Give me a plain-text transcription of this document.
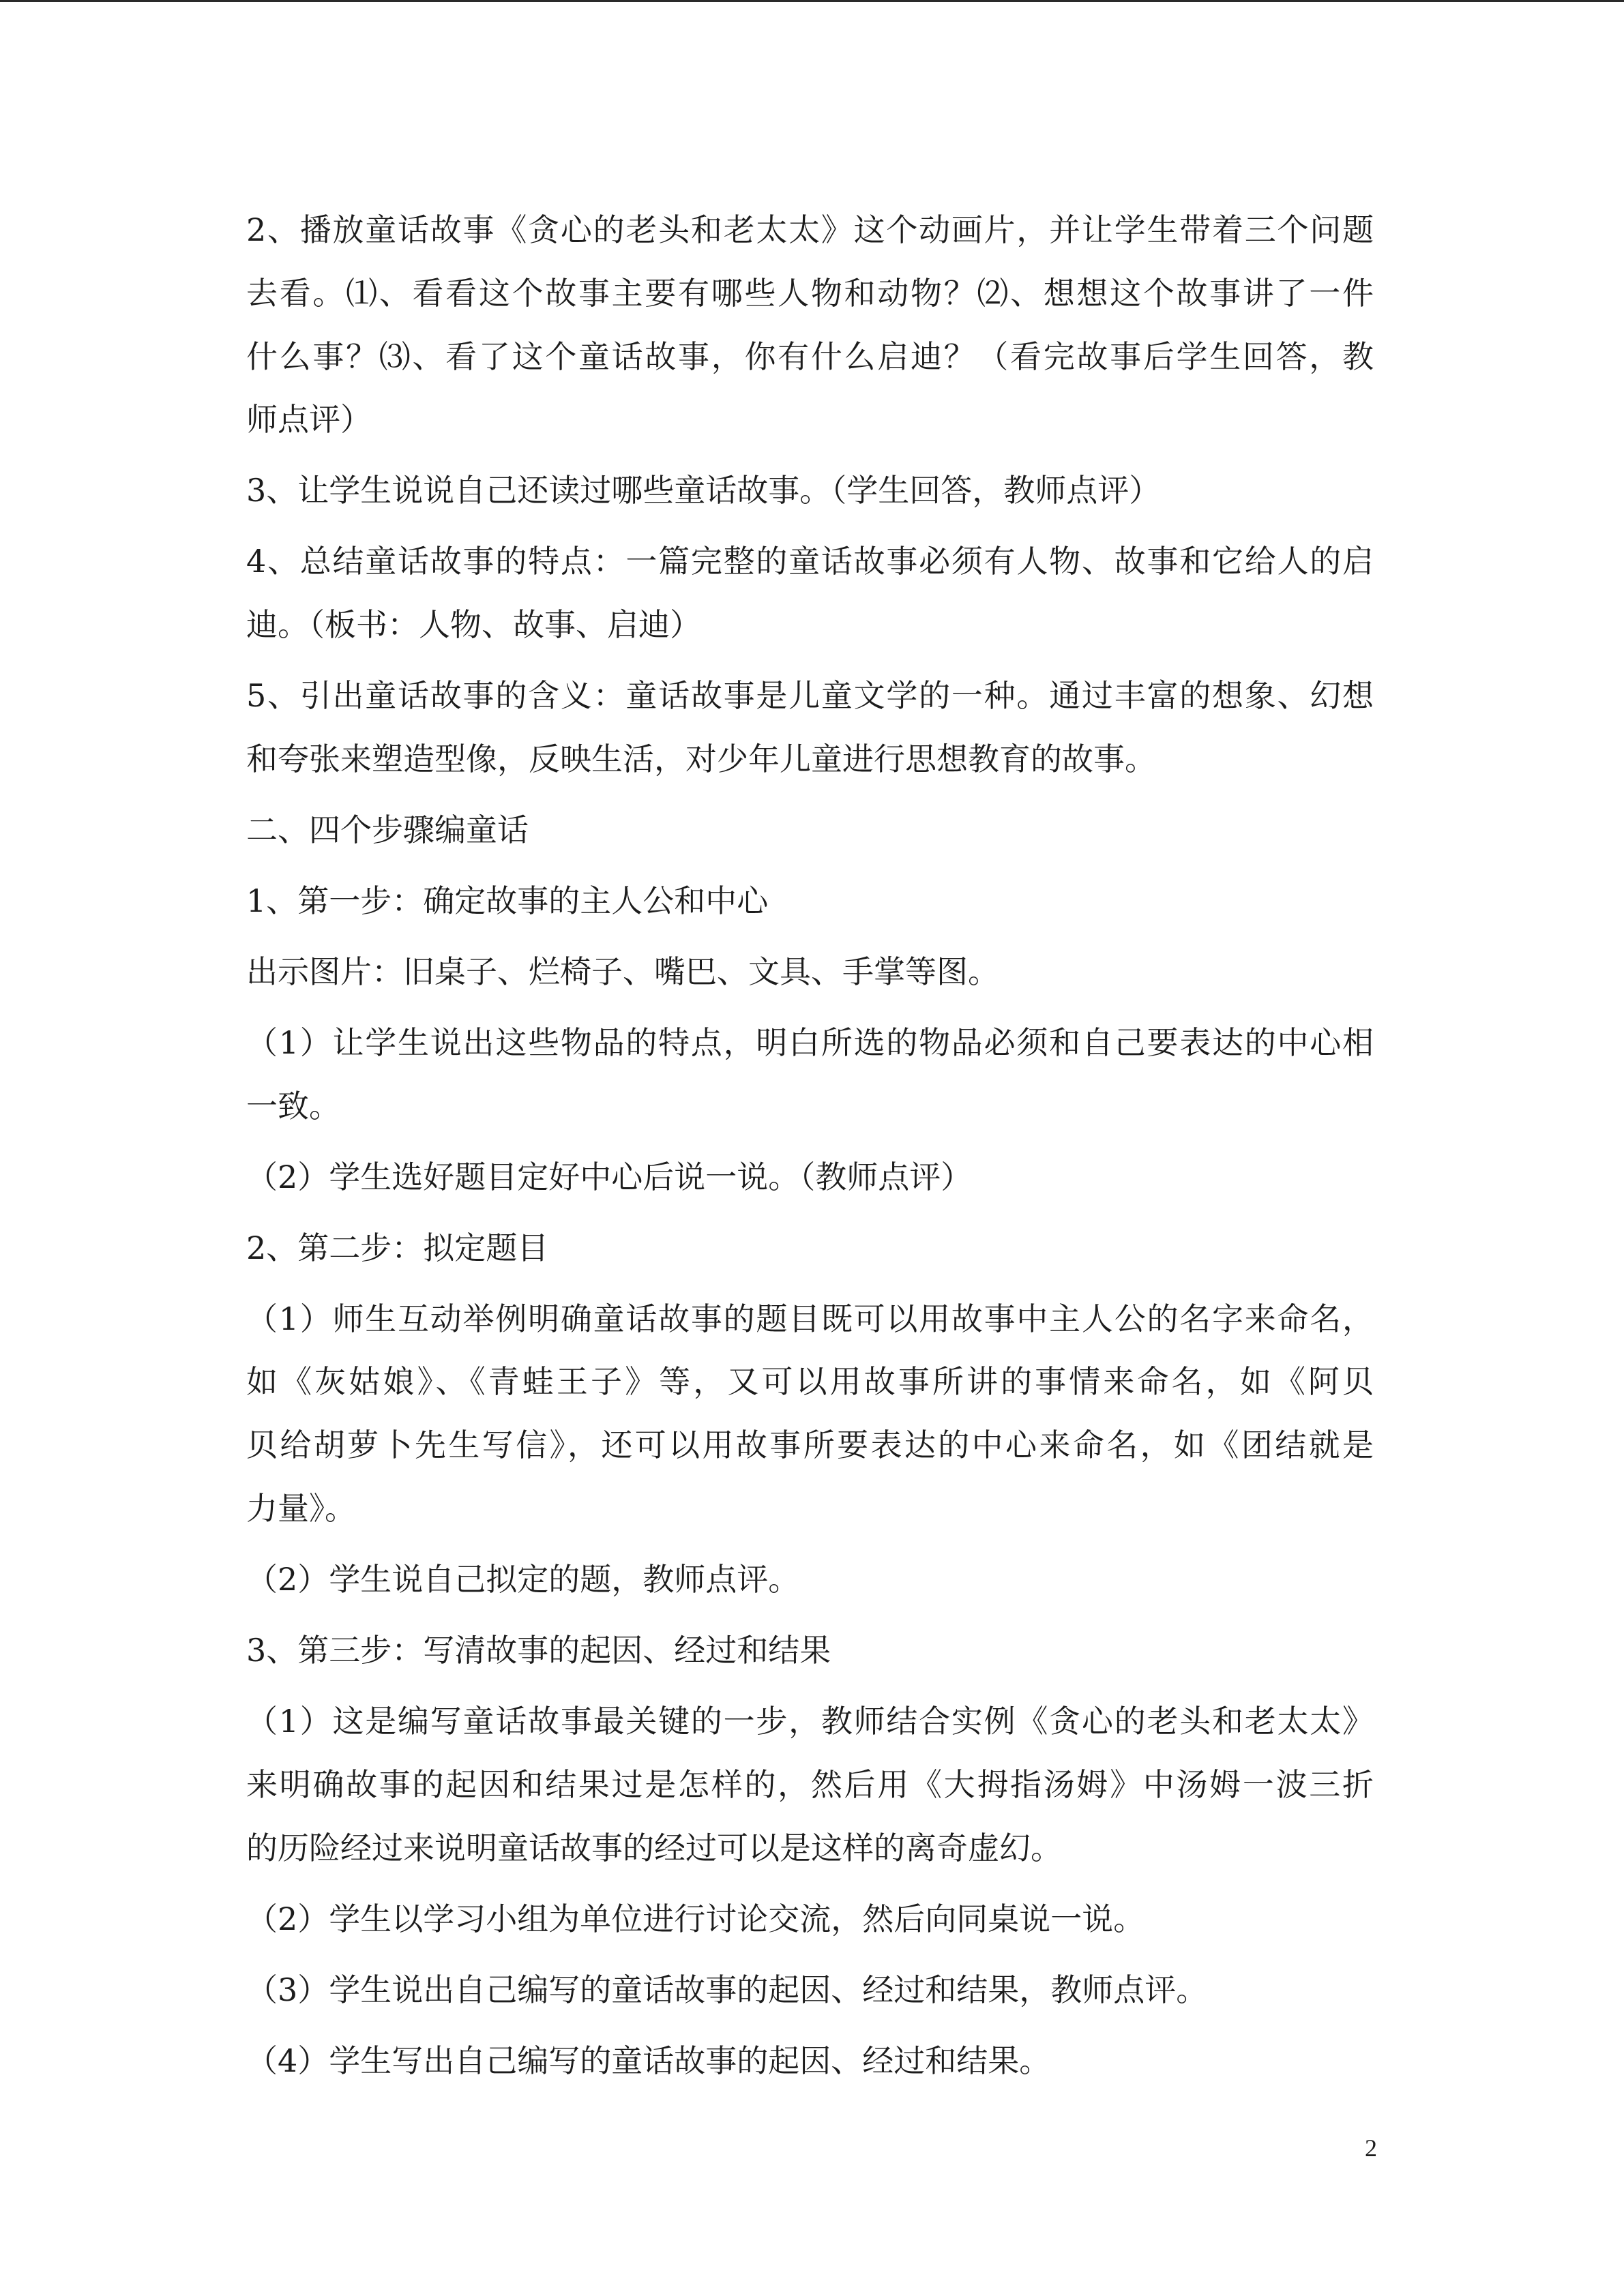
2、播放童话故事《贪心的老头和老太太》这个动画片，并让学生带着三个问题
去看。⑴、看看这个故事主要有哪些人物和动物？⑵、想想这个故事讲了一件
什么事？⑶、看了这个童话故事，你有什么启迪？（看完故事后学生回答，教
师点评）
3、让学生说说自己还读过哪些童话故事。（学生回答，教师点评）
4、总结童话故事的特点：一篇完整的童话故事必须有人物、故事和它给人的启
迪。（板书：人物、故事、启迪）
5、引出童话故事的含义：童话故事是儿童文学的一种。通过丰富的想象、幻想
和夸张来塑造型像，反映生活，对少年儿童进行思想教育的故事。
二、四个步骤编童话
1、第一步：确定故事的主人公和中心
出示图片：旧桌子、烂椅子、嘴巴、文具、手掌等图。
（1）让学生说出这些物品的特点，明白所选的物品必须和自己要表达的中心相
一致。
（2）学生选好题目定好中心后说一说。（教师点评）
2、第二步：拟定题目
（1）师生互动举例明确童话故事的题目既可以用故事中主人公的名字来命名，
如《灰姑娘》、《青蛙王子》等，又可以用故事所讲的事情来命名，如《阿贝
贝给胡萝卜先生写信》，还可以用故事所要表达的中心来命名，如《团结就是
力量》。
（2）学生说自己拟定的题，教师点评。
3、第三步：写清故事的起因、经过和结果
（1）这是编写童话故事最关键的一步，教师结合实例《贪心的老头和老太太》
来明确故事的起因和结果过是怎样的，然后用《大拇指汤姆》中汤姆一波三折
的历险经过来说明童话故事的经过可以是这样的离奇虚幻。
（2）学生以学习小组为单位进行讨论交流，然后向同桌说一说。
（3）学生说出自己编写的童话故事的起因、经过和结果，教师点评。
（4）学生写出自己编写的童话故事的起因、经过和结果。
2
